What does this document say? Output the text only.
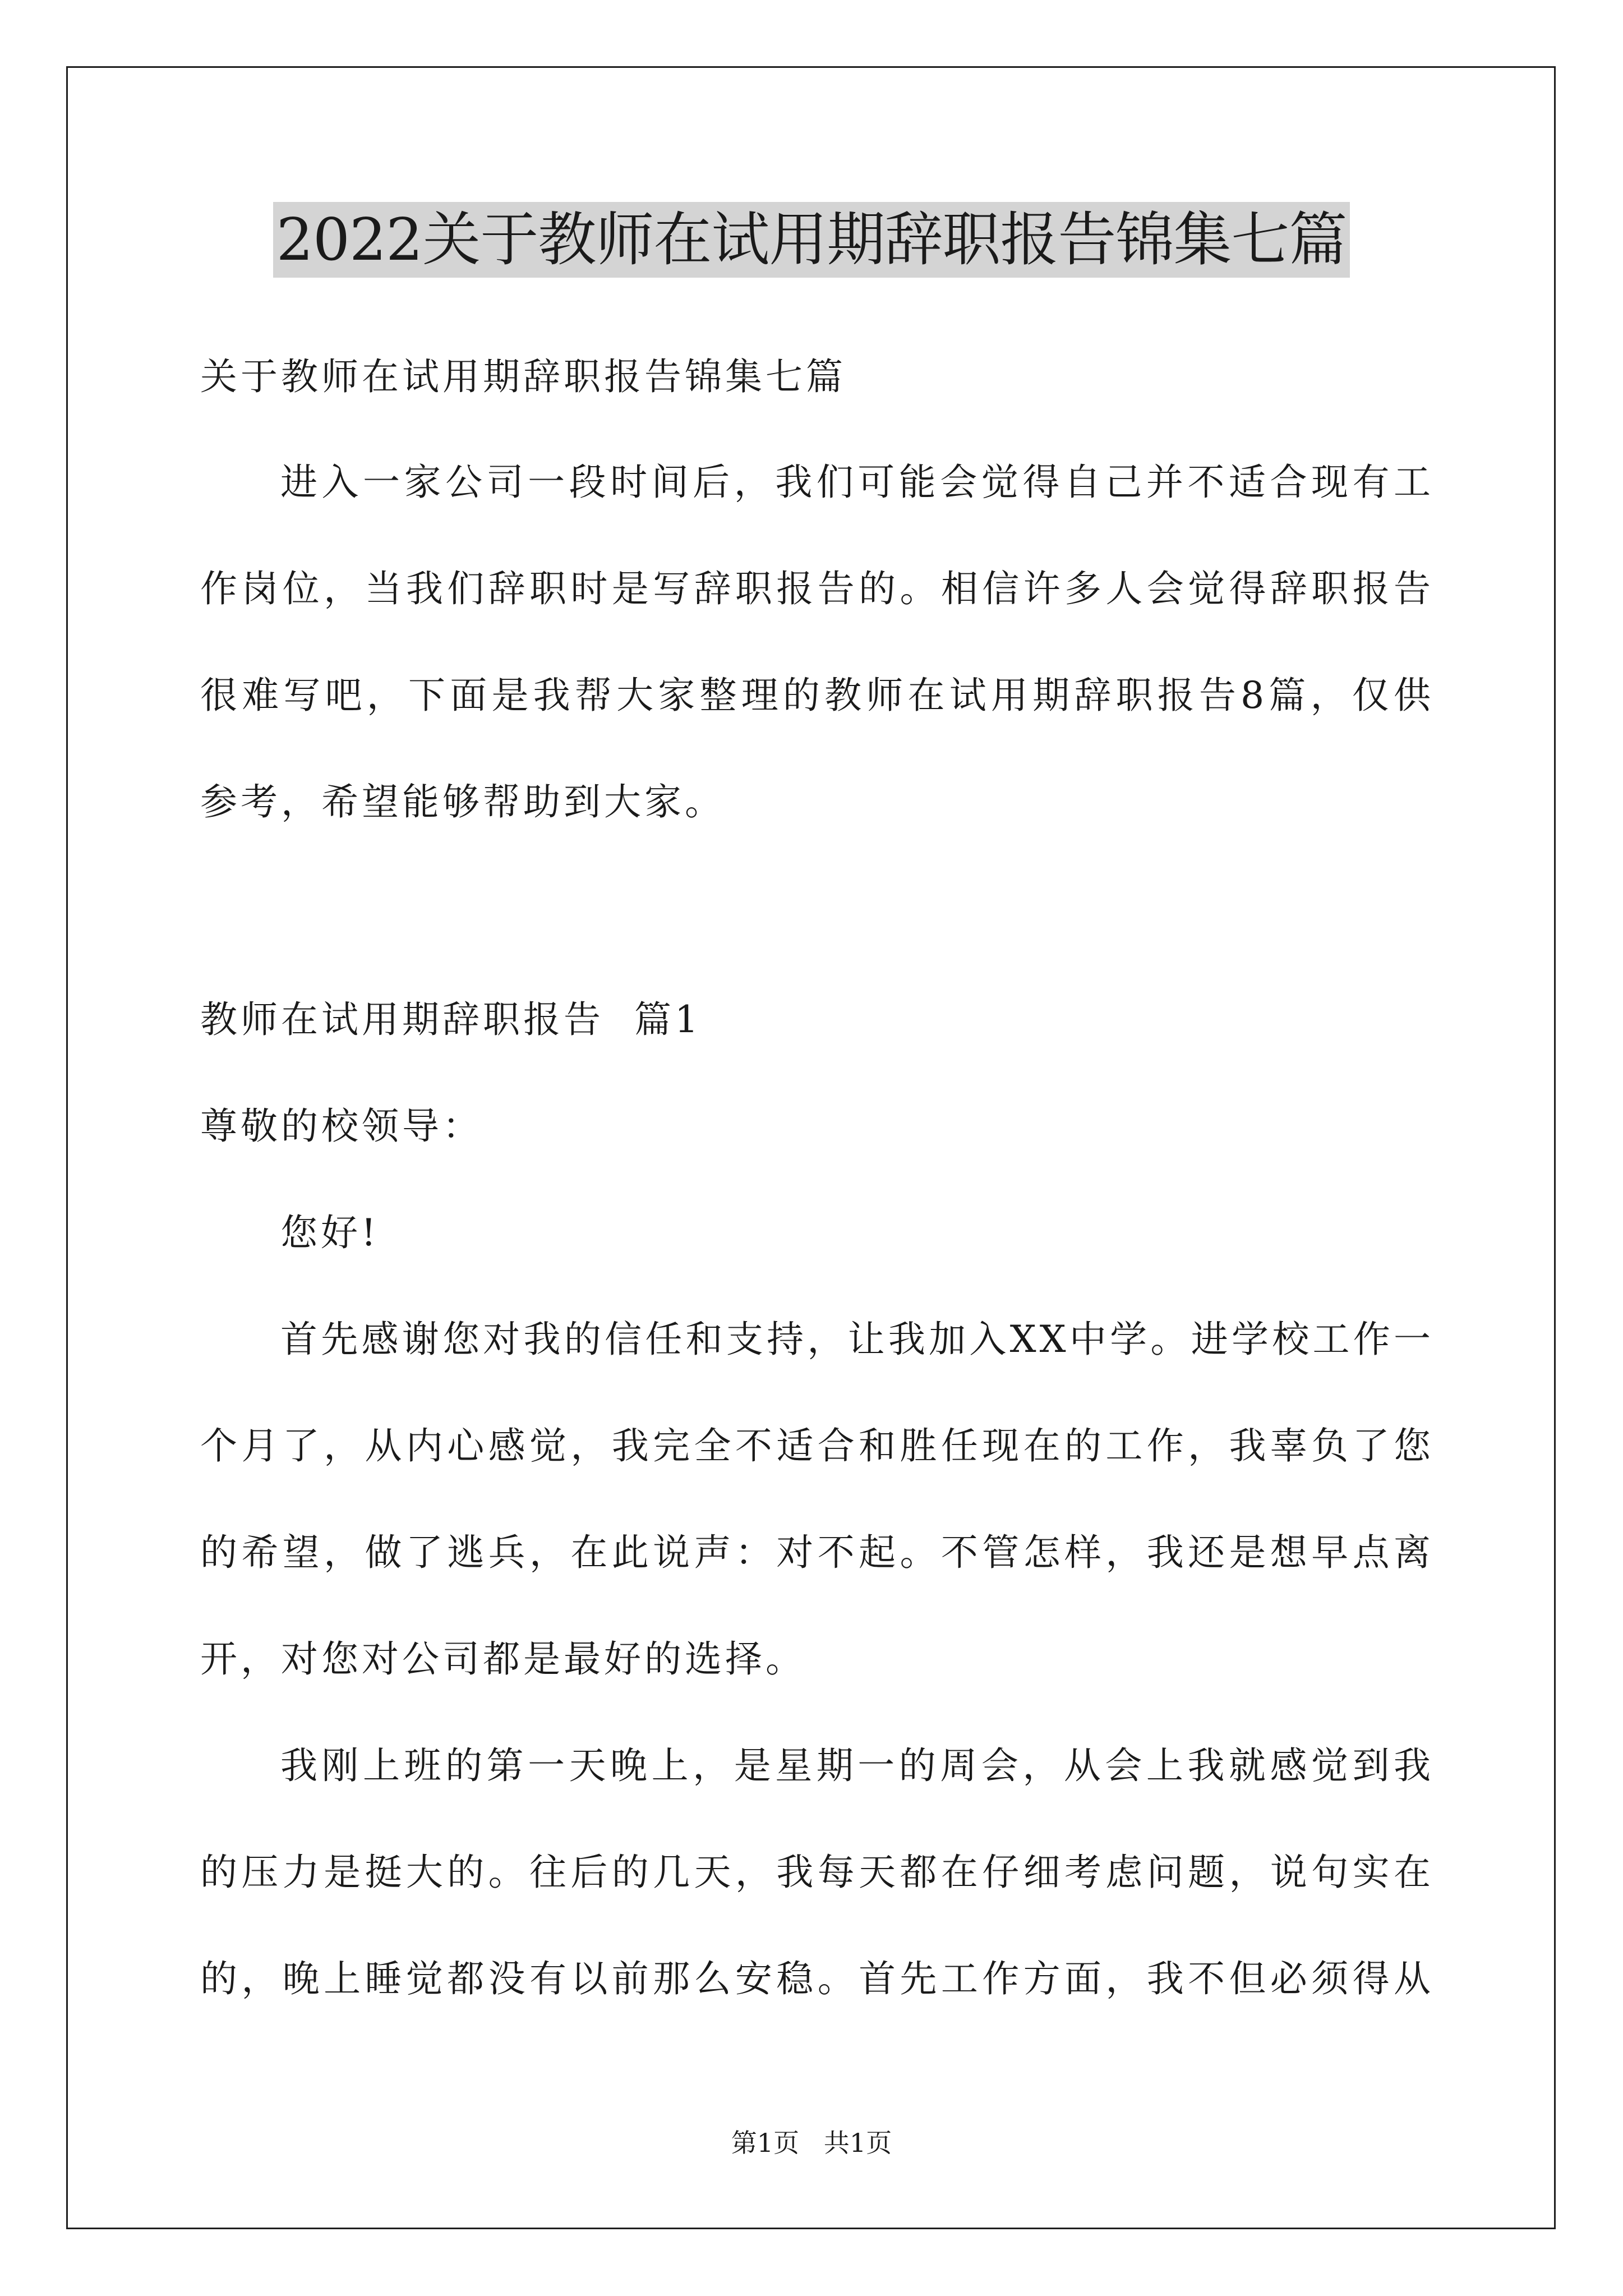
2022关于教师在试用期辞职报告锦集七篇
关于教师在试用期辞职报告锦集七篇
进入一家公司一段时间后，我们可能会觉得自己并不适合现有工
作岗位，当我们辞职时是写辞职报告的。相信许多人会觉得辞职报告
很难写吧，下面是我帮大家整理的教师在试用期辞职报告8篇，仅供
参考，希望能够帮助到大家。
教师在试用期辞职报告  篇1
尊敬的校领导：
您好!
首先感谢您对我的信任和支持，让我加入XX中学。进学校工作一
个月了，从内心感觉，我完全不适合和胜任现在的工作，我辜负了您
的希望，做了逃兵，在此说声：对不起。不管怎样，我还是想早点离
开，对您对公司都是最好的选择。
我刚上班的第一天晚上，是星期一的周会，从会上我就感觉到我
的压力是挺大的。往后的几天，我每天都在仔细考虑问题，说句实在
的，晚上睡觉都没有以前那么安稳。首先工作方面，我不但必须得从
第1页   共1页
